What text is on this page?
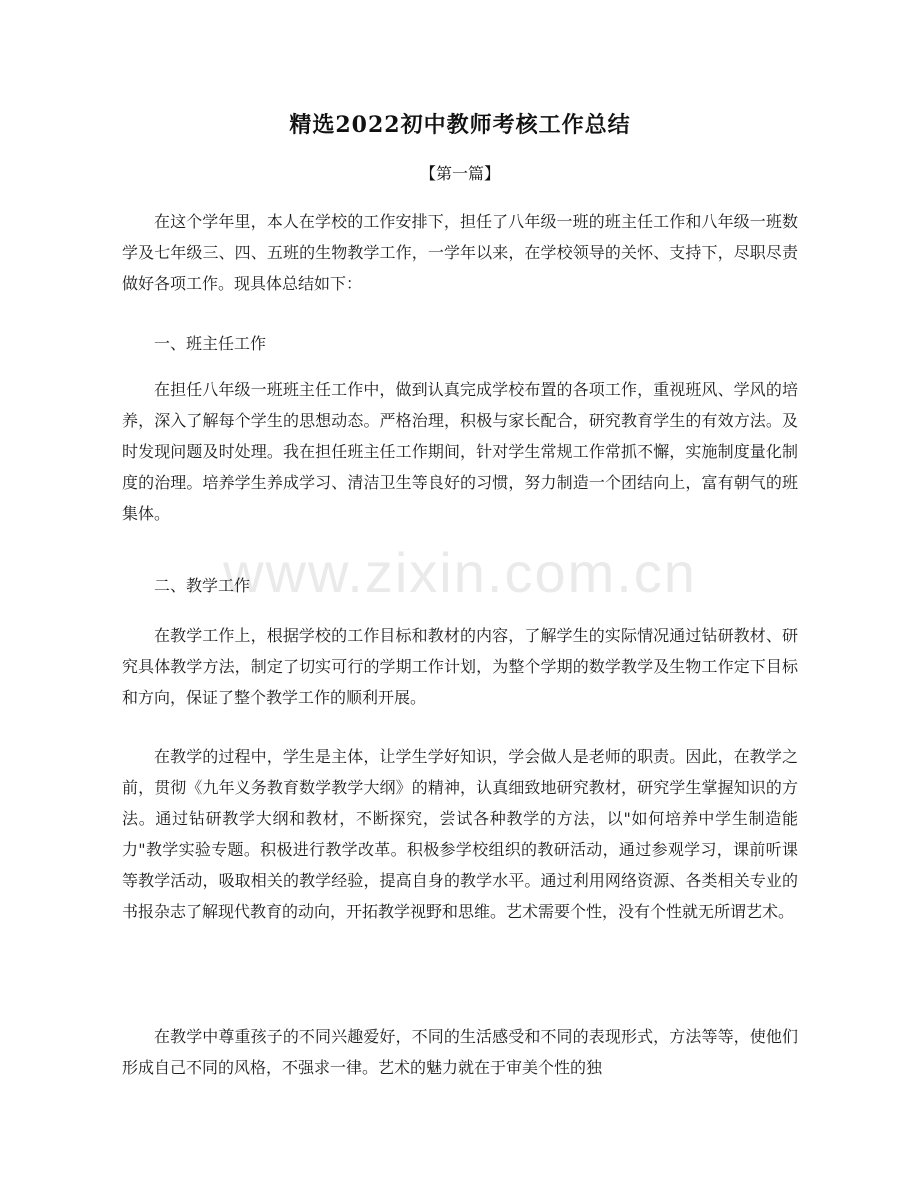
www.zixin.com.cn
精选2022初中教师考核工作总结
【第一篇】

在这个学年里，本人在学校的工作安排下，担任了八年级一班的班主任工作和八年级一班数学及七年级三、四、五班的生物教学工作，一学年以来，在学校领导的关怀、支持下，尽职尽责做好各项工作。现具体总结如下：

一、班主任工作

在担任八年级一班班主任工作中，做到认真完成学校布置的各项工作，重视班风、学风的培养，深入了解每个学生的思想动态。严格治理，积极与家长配合，研究教育学生的有效方法。及时发现问题及时处理。我在担任班主任工作期间，针对学生常规工作常抓不懈，实施制度量化制度的治理。培养学生养成学习、清洁卫生等良好的习惯，努力制造一个团结向上，富有朝气的班集体。

二、教学工作

在教学工作上，根据学校的工作目标和教材的内容，了解学生的实际情况通过钻研教材、研究具体教学方法，制定了切实可行的学期工作计划，为整个学期的数学教学及生物工作定下目标和方向，保证了整个教学工作的顺利开展。

在教学的过程中，学生是主体，让学生学好知识，学会做人是老师的职责。因此，在教学之前，贯彻《九年义务教育数学教学大纲》的精神，认真细致地研究教材，研究学生掌握知识的方法。通过钻研教学大纲和教材，不断探究，尝试各种教学的方法，以"如何培养中学生制造能力"教学实验专题。积极进行教学改革。积极参学校组织的教研活动，通过参观学习，课前听课等教学活动，吸取相关的教学经验，提高自身的教学水平。通过利用网络资源、各类相关专业的书报杂志了解现代教育的动向，开拓教学视野和思维。艺术需要个性，没有个性就无所谓艺术。

在教学中尊重孩子的不同兴趣爱好，不同的生活感受和不同的表现形式，方法等等，使他们形成自己不同的风格，不强求一律。艺术的魅力就在于审美个性的独
